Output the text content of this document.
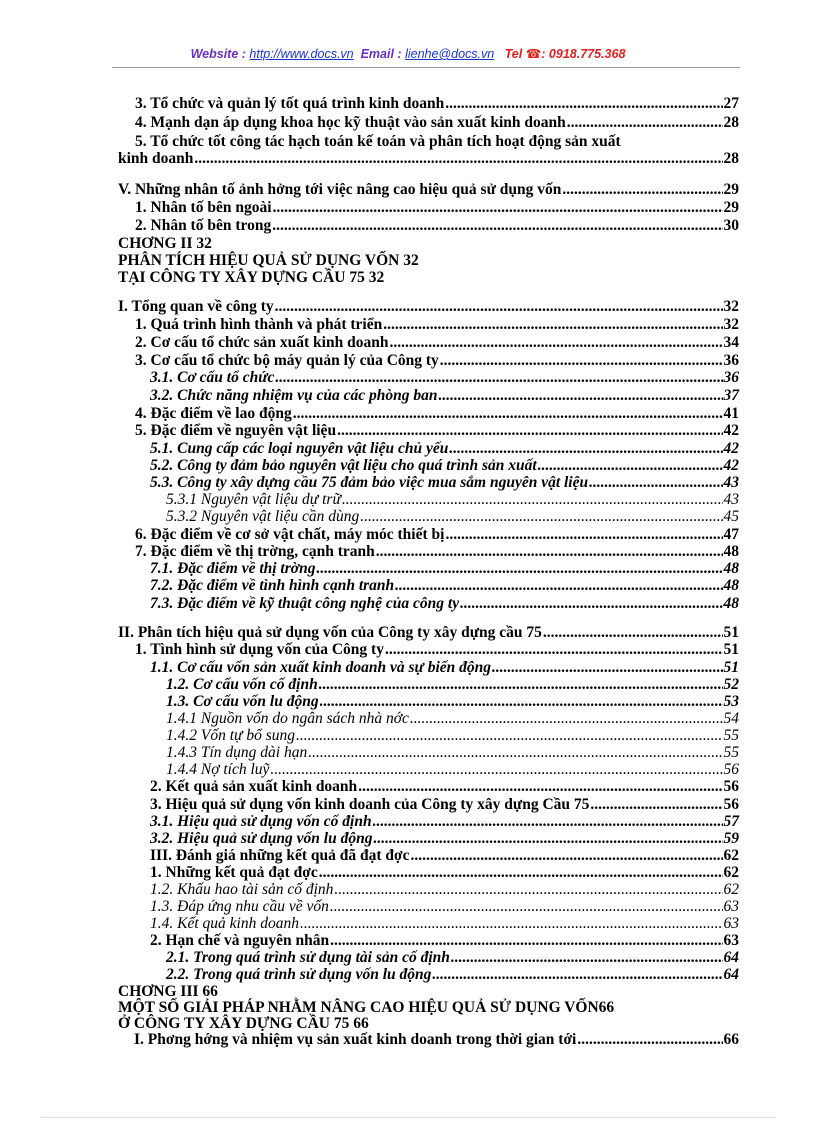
Website : http://www.docs.vn Email : lienhe@docs.vn Tel ☎: 0918.775.368
3. Tổ chức và quản lý tốt quá trình kinh doanh .....	27
4. Mạnh dạn áp dụng khoa học kỹ thuật vào sản xuất kinh doanh .....	28
5. Tổ chức tốt công tác hạch toán kế toán và phân tích hoạt động sản xuất
kinh doanh .....	28
V. Những nhân tố ảnh hởng tới việc nâng cao hiệu quả sử dụng vốn .....	29
1. Nhân tố bên ngoài .....	29
2. Nhân tố bên trong .....	30
CHƠNG II 32
PHÂN TÍCH HIỆU QUẢ SỬ DỤNG VỐN 32
TẠI CÔNG TY XÂY DỰNG CẦU 75 32
I. Tổng quan về công ty .....	32
1. Quá trình hình thành và phát triển .....	32
2. Cơ cấu tổ chức sản xuất kinh doanh .....	34
3. Cơ cấu tổ chức bộ máy quản lý của Công ty .....	36
3.1. Cơ cấu tổ chức .....	36
3.2. Chức năng nhiệm vụ của các phòng ban .....	37
4. Đặc điểm về lao động .....	41
5. Đặc điểm về nguyên vật liệu .....	42
5.1. Cung cấp các loại nguyên vật liệu chủ yếu .....	42
5.2. Công ty đảm bảo nguyên vật liệu cho quá trình sản xuất .....	42
5.3. Công ty xây dựng cầu 75 đảm bảo việc mua sắm nguyên vật liệu .....	43
5.3.1 Nguyên vật liệu dự trữ .....	43
5.3.2 Nguyên vật liệu cần dùng .....	45
6. Đặc điểm về cơ sở vật chất, máy móc thiết bị .....	47
7. Đặc điểm về thị trờng, cạnh tranh .....	48
7.1. Đặc điểm về thị trờng .....	48
7.2. Đặc điểm về tình hình cạnh tranh .....	48
7.3. Đặc điểm về kỹ thuật công nghệ của công ty .....	48
II. Phân tích hiệu quả sử dụng vốn của Công ty xây dựng cầu 75 .....	51
1. Tình hình sử dụng vốn của Công ty .....	51
1.1. Cơ cấu vốn sản xuất kinh doanh và sự biến động .....	51
1.2. Cơ cấu vốn cố định .....	52
1.3. Cơ cấu vốn lu động .....	53
1.4.1 Nguồn vốn do ngân sách nhà nớc .....	54
1.4.2 Vốn tự bổ sung .....	55
1.4.3 Tín dụng dài hạn .....	55
1.4.4 Nợ tích luỹ .....	56
2. Kết quả sản xuất kinh doanh .....	56
3. Hiệu quả sử dụng vốn kinh doanh của Công ty xây dựng Cầu 75 .....	56
3.1. Hiệu quả sử dụng vốn cố định .....	57
3.2. Hiệu quả sử dụng vốn lu động .....	59
III. Đánh giá những kết quả đã đạt đợc .....	62
1. Những kết quả đạt đợc .....	62
1.2. Khấu hao tài sản cố định .....	62
1.3. Đáp ứng nhu cầu về vốn .....	63
1.4. Kết quả kinh doanh .....	63
2. Hạn chế và nguyên nhân .....	63
2.1. Trong quá trình sử dụng tài sản cố định .....	64
2.2. Trong quá trình sử dụng vốn lu động .....	64
CHƠNG III 66
MỘT SỐ GIẢI PHÁP NHẰM NÂNG CAO HIỆU QUẢ SỬ DỤNG VỐN66
Ở CÔNG TY XÂY DỰNG CẦU 75 66
I. Phơng hớng và nhiệm vụ sản xuất kinh doanh trong thời gian tới .....	66
